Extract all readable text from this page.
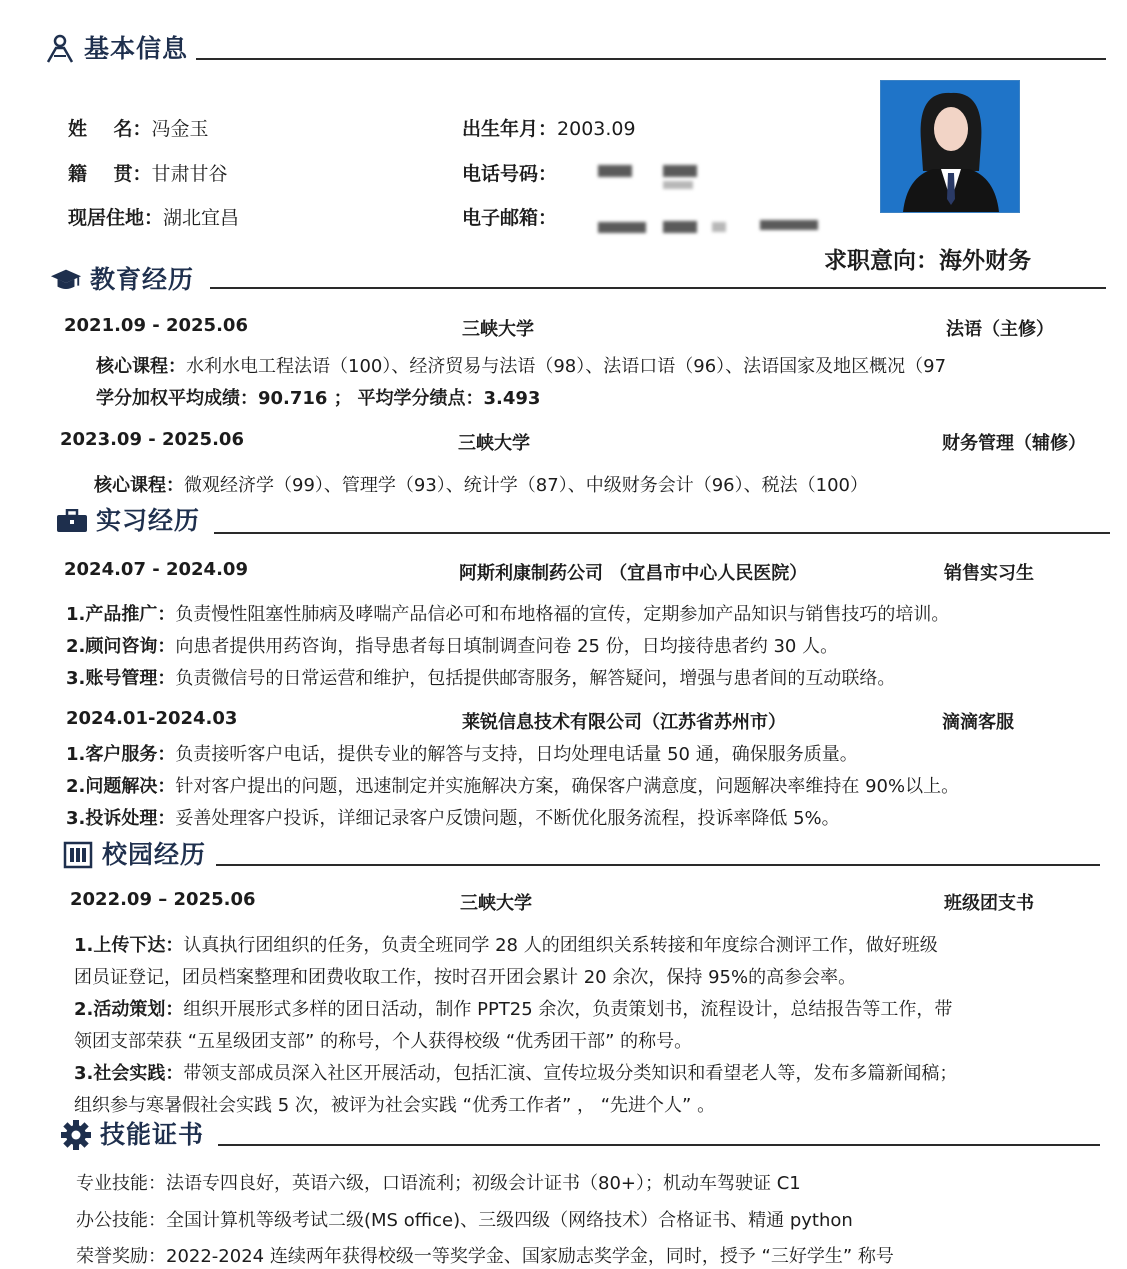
基本信息
姓    名：冯金玉
籍    贯：甘肃甘谷
现居住地：湖北宜昌
出生年月：2003.09
电话号码：
电子邮箱：
求职意向：海外财务
教育经历
2021.09 - 2025.06	三峡大学	法语（主修）
核心课程：水利水电工程法语（100）、经济贸易与法语（98）、法语口语（96）、法语国家及地区概况（97
学分加权平均成绩：90.716 ； 平均学分绩点：3.493
2023.09 - 2025.06	三峡大学	财务管理（辅修）
核心课程：微观经济学（99）、管理学（93）、统计学（87）、中级财务会计（96）、税法（100）
实习经历
2024.07 - 2024.09	阿斯利康制药公司 （宜昌市中心人民医院）	销售实习生
1.产品推广：负责慢性阻塞性肺病及哮喘产品信必可和布地格福的宣传，定期参加产品知识与销售技巧的培训。
2.顾问咨询：向患者提供用药咨询，指导患者每日填制调查问卷 25 份，日均接待患者约 30 人。
3.账号管理：负责微信号的日常运营和维护，包括提供邮寄服务，解答疑问，增强与患者间的互动联络。
2024.01-2024.03	莱锐信息技术有限公司（江苏省苏州市）	滴滴客服
1.客户服务：负责接听客户电话，提供专业的解答与支持，日均处理电话量 50 通，确保服务质量。
2.问题解决：针对客户提出的问题，迅速制定并实施解决方案，确保客户满意度，问题解决率维持在 90%以上。
3.投诉处理：妥善处理客户投诉，详细记录客户反馈问题，不断优化服务流程，投诉率降低 5%。
校园经历
2022.09 – 2025.06	三峡大学	班级团支书
1.上传下达：认真执行团组织的任务，负责全班同学 28 人的团组织关系转接和年度综合测评工作，做好班级
团员证登记，团员档案整理和团费收取工作，按时召开团会累计 20 余次，保持 95%的高参会率。
2.活动策划：组织开展形式多样的团日活动，制作 PPT25 余次，负责策划书，流程设计，总结报告等工作，带
领团支部荣获 “五星级团支部” 的称号，个人获得校级 “优秀团干部” 的称号。
3.社会实践：带领支部成员深入社区开展活动，包括汇演、宣传垃圾分类知识和看望老人等，发布多篇新闻稿；
组织参与寒暑假社会实践 5 次，被评为社会实践 “优秀工作者” ， “先进个人” 。
技能证书
专业技能：法语专四良好，英语六级，口语流利；初级会计证书（80+）；机动车驾驶证 C1
办公技能：全国计算机等级考试二级(MS office)、三级四级（网络技术）合格证书、精通 python
荣誉奖励：2022-2024 连续两年获得校级一等奖学金、国家励志奖学金，同时，授予 “三好学生” 称号
